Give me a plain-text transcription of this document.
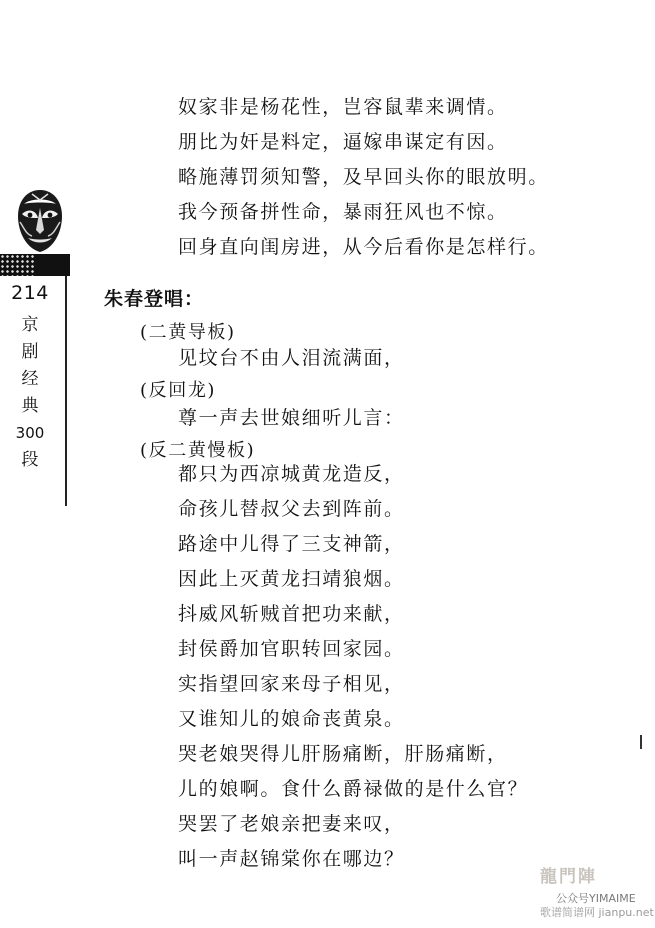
214
京
剧
经
典
300
段
奴家非是杨花性，岂容鼠辈来调情。
朋比为奸是料定，逼嫁串谋定有因。
略施薄罚须知警，及早回头你的眼放明。
我今预备拼性命，暴雨狂风也不惊。
回身直向闺房进，从今后看你是怎样行。
朱春登唱：
(二黄导板)
见坟台不由人泪流满面，
(反回龙)
尊一声去世娘细听儿言：
(反二黄慢板)
都只为西凉城黄龙造反，
命孩儿替叔父去到阵前。
路途中儿得了三支神箭，
因此上灭黄龙扫靖狼烟。
抖威风斩贼首把功来献，
封侯爵加官职转回家园。
实指望回家来母子相见，
又谁知儿的娘命丧黄泉。
哭老娘哭得儿肝肠痛断，肝肠痛断，
儿的娘啊。食什么爵禄做的是什么官？
哭罢了老娘亲把妻来叹，
叫一声赵锦棠你在哪边？
龍門陣
公众号YIMAIME
歌谱简谱网 jianpu.net
